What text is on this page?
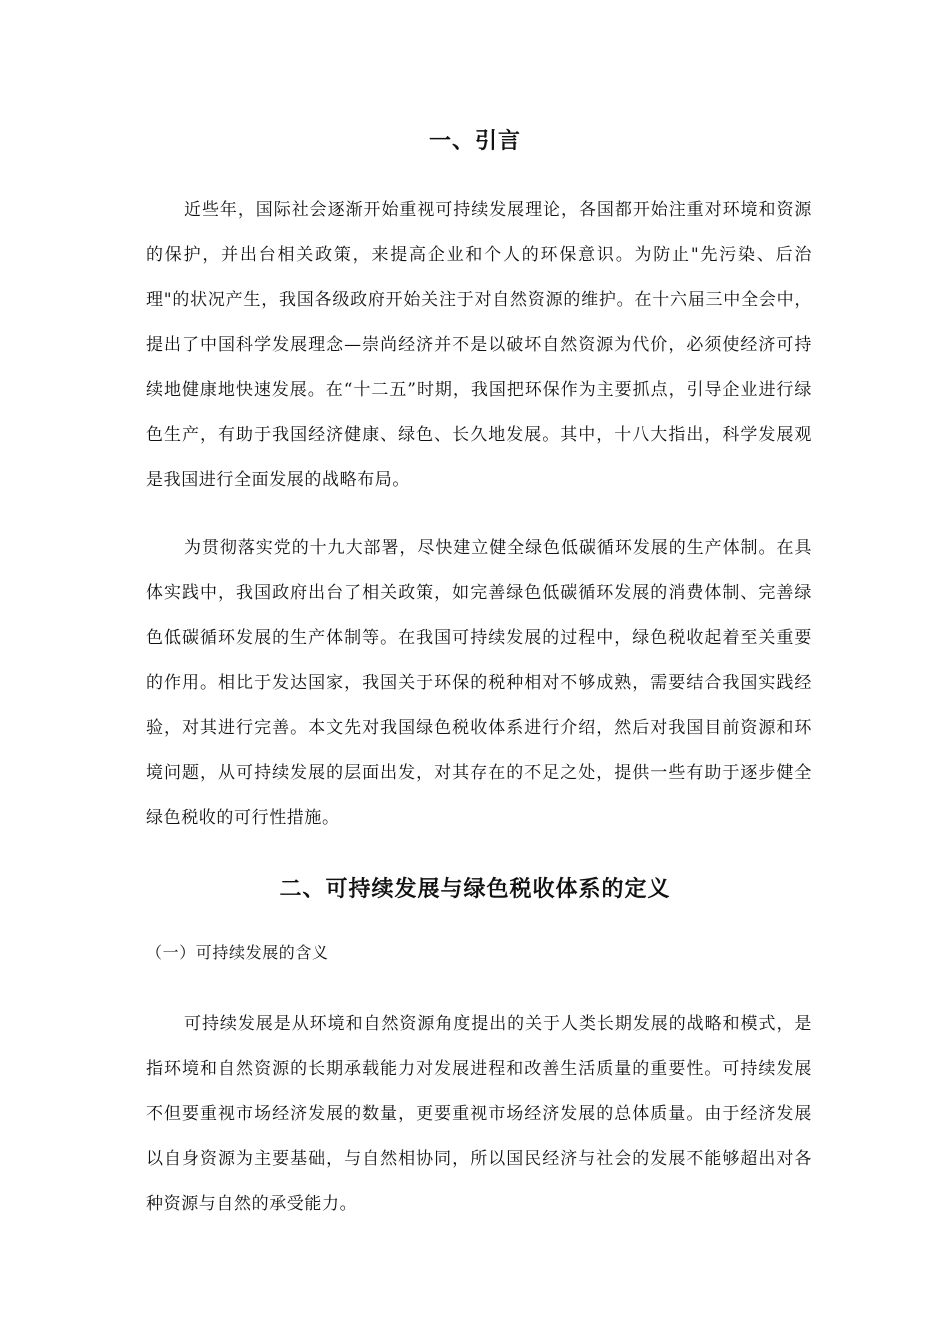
一、引言

近些年，国际社会逐渐开始重视可持续发展理论，各国都开始注重对环境和资源的保护，并出台相关政策，来提高企业和个人的环保意识。为防止"先污染、后治理"的状况产生，我国各级政府开始关注于对自然资源的维护。在十六届三中全会中，提出了中国科学发展理念—崇尚经济并不是以破坏自然资源为代价，必须使经济可持续地健康地快速发展。在“十二五”时期，我国把环保作为主要抓点，引导企业进行绿色生产，有助于我国经济健康、绿色、长久地发展。其中，十八大指出，科学发展观是我国进行全面发展的战略布局。

为贯彻落实党的十九大部署，尽快建立健全绿色低碳循环发展的生产体制。在具体实践中，我国政府出台了相关政策，如完善绿色低碳循环发展的消费体制、完善绿色低碳循环发展的生产体制等。在我国可持续发展的过程中，绿色税收起着至关重要的作用。相比于发达国家，我国关于环保的税种相对不够成熟，需要结合我国实践经验，对其进行完善。本文先对我国绿色税收体系进行介绍，然后对我国目前资源和环境问题，从可持续发展的层面出发，对其存在的不足之处，提供一些有助于逐步健全绿色税收的可行性措施。

二、可持续发展与绿色税收体系的定义

（一）可持续发展的含义

可持续发展是从环境和自然资源角度提出的关于人类长期发展的战略和模式，是指环境和自然资源的长期承载能力对发展进程和改善生活质量的重要性。可持续发展不但要重视市场经济发展的数量，更要重视市场经济发展的总体质量。由于经济发展以自身资源为主要基础，与自然相协同，所以国民经济与社会的发展不能够超出对各种资源与自然的承受能力。
